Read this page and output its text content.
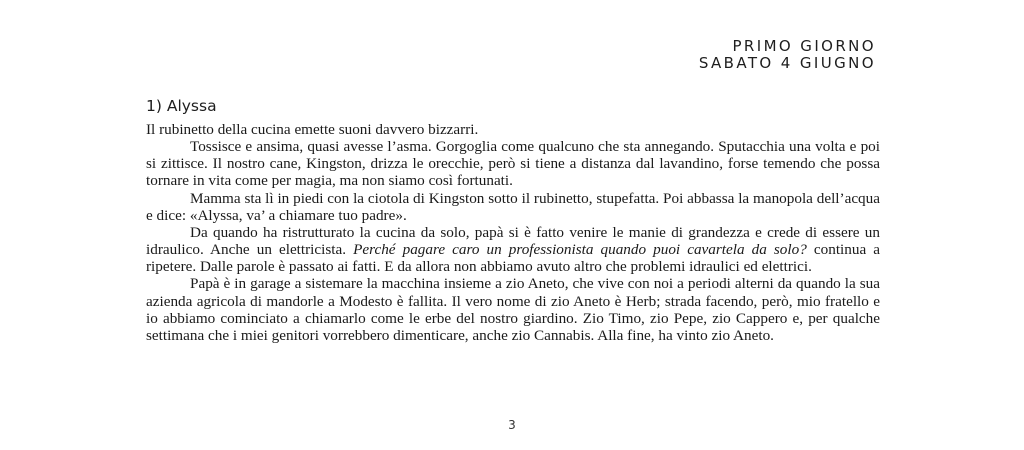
PRIMO GIORNO
SABATO 4 GIUGNO
1) Alyssa

Il rubinetto della cucina emette suoni davvero bizzarri.

Tossisce e ansima, quasi avesse l’asma. Gorgoglia come qualcuno che sta annegando. Sputacchia una volta e poi si zittisce. Il nostro cane, Kingston, drizza le orecchie, però si tiene a distanza dal lavandino, forse temendo che possa tornare in vita come per magia, ma non siamo così fortunati.

Mamma sta lì in piedi con la ciotola di Kingston sotto il rubinetto, stupefatta. Poi abbassa la manopola dell’acqua e dice: «Alyssa, va’ a chiamare tuo padre».

Da quando ha ristrutturato la cucina da solo, papà si è fatto venire le manie di grandezza e crede di essere un idraulico. Anche un elettricista. Perché pagare caro un professionista quando puoi cavartela da solo? continua a ripetere. Dalle parole è passato ai fatti. E da allora non abbiamo avuto altro che problemi idraulici ed elettrici.

Papà è in garage a sistemare la macchina insieme a zio Aneto, che vive con noi a periodi alterni da quando la sua azienda agricola di mandorle a Modesto è fallita. Il vero nome di zio Aneto è Herb; strada facendo, però, mio fratello e io abbiamo cominciato a chiamarlo come le erbe del nostro giardino. Zio Timo, zio Pepe, zio Cappero e, per qualche settimana che i miei genitori vorrebbero dimenticare, anche zio Cannabis. Alla fine, ha vinto zio Aneto.

3
